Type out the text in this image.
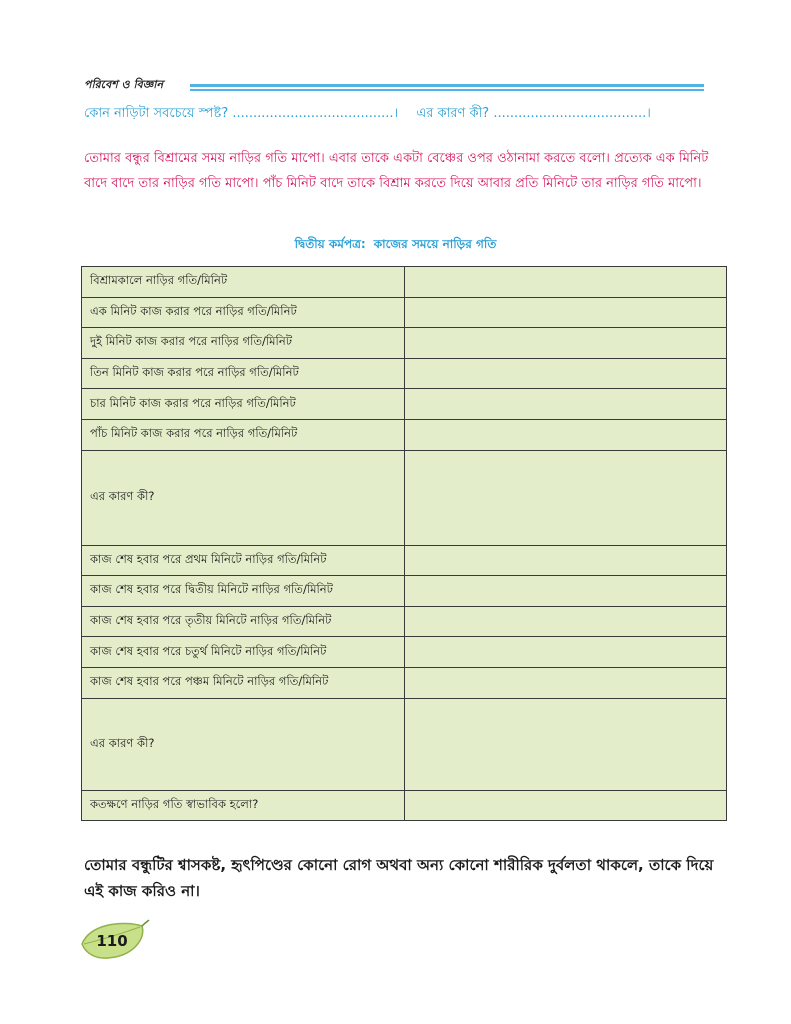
পরিবেশ ও বিজ্ঞান
কোন নাড়িটা সবচেয়ে স্পষ্ট? .......................................। এর কারণ কী? .....................................।
তোমার বন্ধুর বিশ্রামের সময় নাড়ির গতি মাপো। এবার তাকে একটা বেঞ্চের ওপর ওঠানামা করতে বলো। প্রত্যেক এক মিনিট বাদে বাদে তার নাড়ির গতি মাপো। পাঁচ মিনিট বাদে তাকে বিশ্রাম করতে দিয়ে আবার প্রতি মিনিটে তার নাড়ির গতি মাপো।
দ্বিতীয় কর্মপত্র: কাজের সময়ে নাড়ির গতি
বিশ্রামকালে নাড়ির গতি/মিনিট	
এক মিনিট কাজ করার পরে নাড়ির গতি/মিনিট	
দুই মিনিট কাজ করার পরে নাড়ির গতি/মিনিট	
তিন মিনিট কাজ করার পরে নাড়ির গতি/মিনিট	
চার মিনিট কাজ করার পরে নাড়ির গতি/মিনিট	
পাঁচ মিনিট কাজ করার পরে নাড়ির গতি/মিনিট	
এর কারণ কী?	
কাজ শেষ হবার পরে প্রথম মিনিটে নাড়ির গতি/মিনিট	
কাজ শেষ হবার পরে দ্বিতীয় মিনিটে নাড়ির গতি/মিনিট	
কাজ শেষ হবার পরে তৃতীয় মিনিটে নাড়ির গতি/মিনিট	
কাজ শেষ হবার পরে চতুর্থ মিনিটে নাড়ির গতি/মিনিট	
কাজ শেষ হবার পরে পঞ্চম মিনিটে নাড়ির গতি/মিনিট	
এর কারণ কী?	
কতক্ষণে নাড়ির গতি স্বাভাবিক হলো?	
তোমার বন্ধুটির শ্বাসকষ্ট, হৃৎপিণ্ডের কোনো রোগ অথবা অন্য কোনো শারীরিক দুর্বলতা থাকলে, তাকে দিয়ে এই কাজ করিও না।
110
